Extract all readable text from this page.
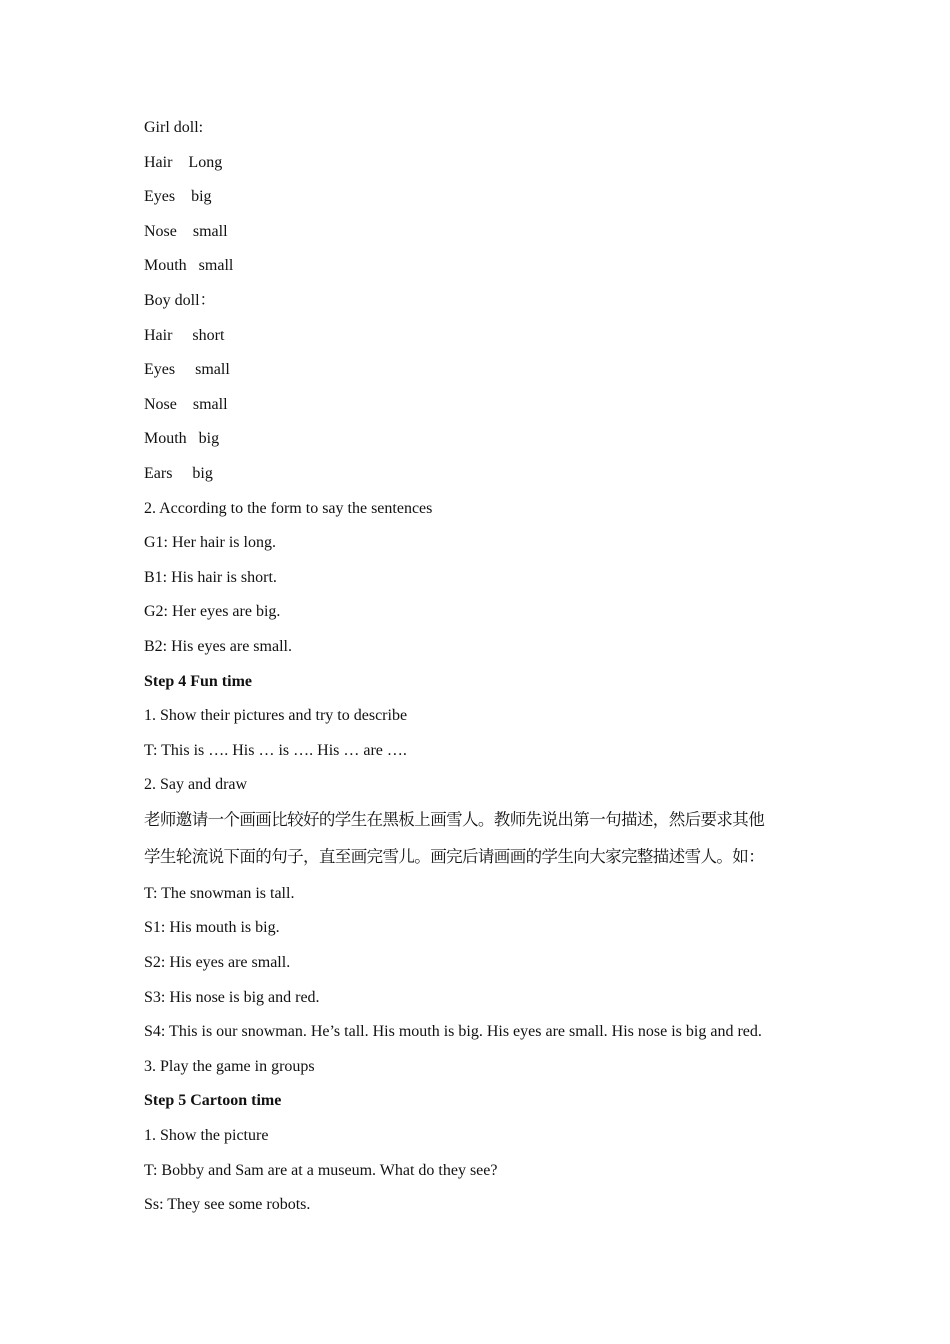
Girl doll:
Hair    Long
Eyes    big
Nose    small
Mouth   small
Boy doll：
Hair     short
Eyes     small
Nose    small
Mouth   big
Ears     big
2. According to the form to say the sentences
G1: Her hair is long.
B1: His hair is short.
G2: Her eyes are big.
B2: His eyes are small.
Step 4 Fun time
1. Show their pictures and try to describe
T: This is …. His … is …. His … are ….
2. Say and draw
老师邀请一个画画比较好的学生在黑板上画雪人。教师先说出第一句描述，然后要求其他
学生轮流说下面的句子，直至画完雪儿。画完后请画画的学生向大家完整描述雪人。如：
T: The snowman is tall.
S1: His mouth is big.
S2: His eyes are small.
S3: His nose is big and red.
S4: This is our snowman. He’s tall. His mouth is big. His eyes are small. His nose is big and red.
3. Play the game in groups
Step 5 Cartoon time
1. Show the picture
T: Bobby and Sam are at a museum. What do they see?
Ss: They see some robots.
